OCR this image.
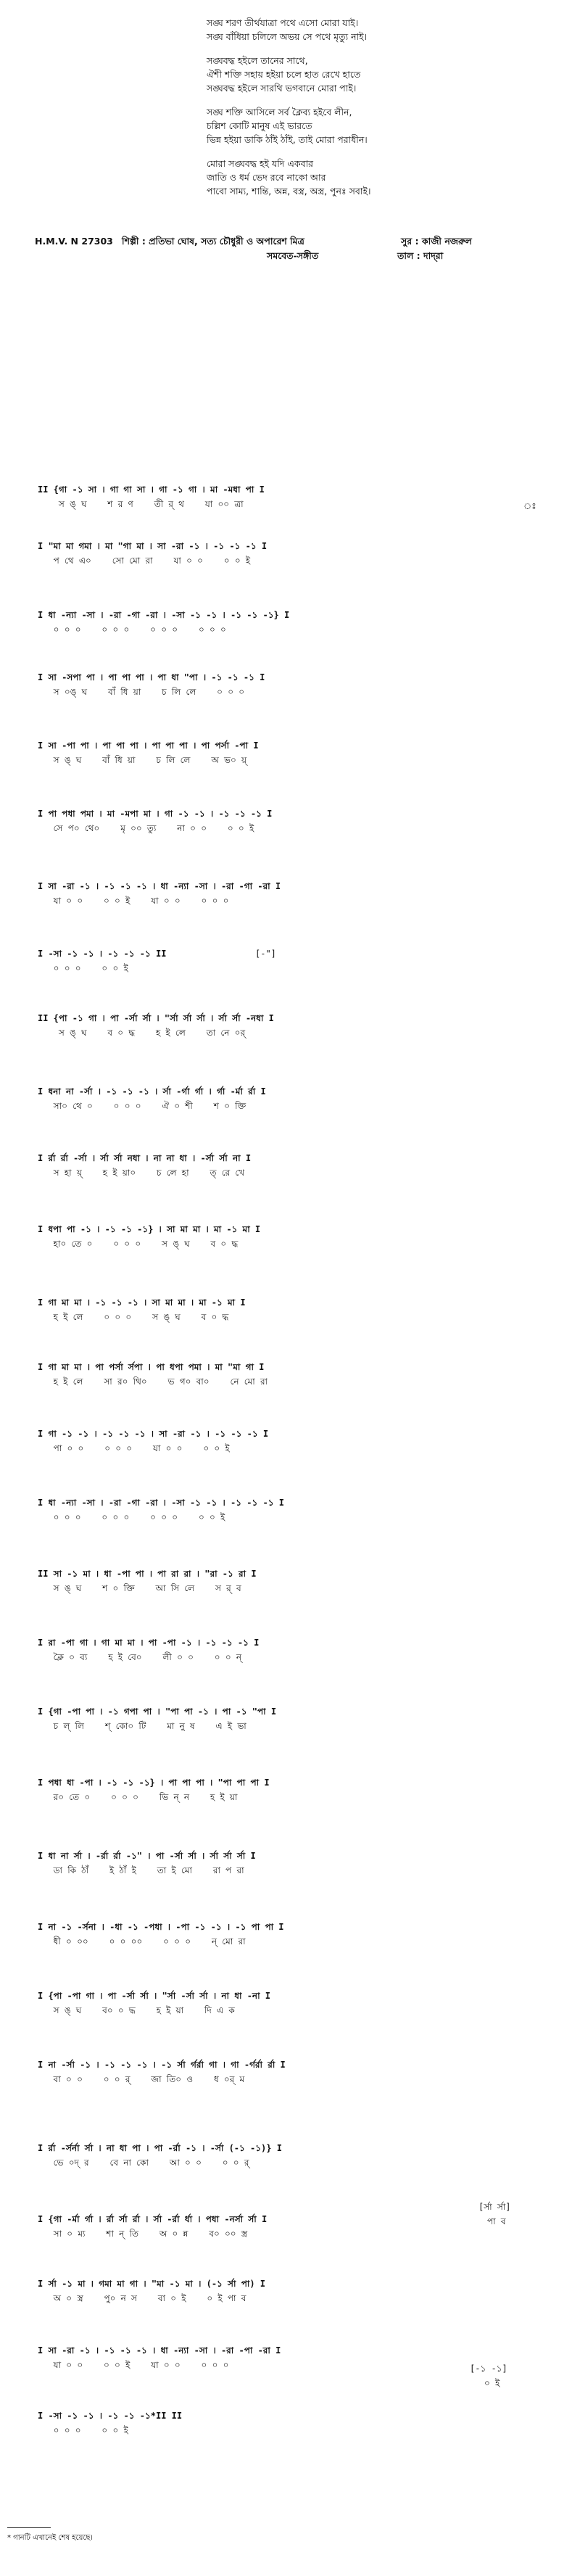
সঙ্ঘ শরণ তীর্থযাত্রা পথে এসো মোরা যাই।
সঙ্ঘ বাঁধিয়া চলিলে অভয় সে পথে মৃত্যু নাই।
সঙ্ঘবদ্ধ হইলে তানের সাথে,
ঐশী শক্তি সহায় হইয়া চলে হাত রেখে হাতে
সঙ্ঘবদ্ধ হইলে সারথি ভগবানে মোরা পাই।
সঙ্ঘ শক্তি আসিলে সর্ব ক্লৈব্য হইবে লীন,
চল্লিশ কোটি মানুষ এই ভারতে
ভিন্ন হইয়া ডাকি ঠাঁই ঠাঁই, তাই মোরা পরাধীন।
মোরা সঙ্ঘবদ্ধ হই যদি একবার
জাতি ও ধর্ম ভেদ রবে নাকো আর
পাবো সাম্য, শান্তি, অন্ন, বস্ত্র, অস্ত্র, পুনঃ সবাই।
H.M.V. N 27303 শিল্পী : প্রতিভা ঘোষ, সত্য চৌধুরী ও অপারেশ মিত্র	সুর : কাজী নজরুল
সমবেত-সঙ্গীত	তাল : দাদ্‌রা
II {গা -১ সা । গা গা সা । গা -১ গা । মা -মধা পা I
স ঙ্ ঘ    শ র ণ    তী র্ থ    যা ০০ ত্রা
I "মা মা গমা । মা "গা মা । সা -রা -১ । -১ -১ -১ I
প থে এ০    সো মো রা    যা ০ ০    ০ ০ ই
I ধা -ন্যা -সা । -রা -গা -রা । -সা -১ -১ । -১ -১ -১} I
০ ০ ০    ০ ০ ০    ০ ০ ০    ০ ০ ০
I সা -সপা পা । পা পা পা । পা ধা "পা । -১ -১ -১ I
স ০ঙ্ ঘ    বাঁ ধি য়া    চ লি লে    ০ ০ ০
I সা -পা পা । পা পা পা । পা পা পা । পা পর্সা -পা I
স ঙ্ ঘ    বাঁ ধি য়া    চ লি লে    অ ভ০ য়্
I পা পধা পমা । মা -মপা মা । গা -১ -১ । -১ -১ -১ I
সে প০ থে০    মৃ ০০ ত্যু    না ০ ০    ০ ০ ই
I সা -রা -১ । -১ -১ -১ । ধা -ন্যা -সা । -রা -গা -রা I
যা ০ ০    ০ ০ ই    যা ০ ০    ০ ০ ০
I -সা -১ -১ । -১ -১ -১ II
০ ০ ০    ০ ০ ই
II {পা -১ গা । পা -র্সা র্সা । "র্সা র্সা র্সা । র্সা র্সা -নধা I
স ঙ্ ঘ    ব ০ দ্ধ    হ ই লে    তা নে ০র্
I ধনা না -র্সা । -১ -১ -১ । র্সা -র্গা র্গা । র্গা -র্মা র্রা I
সা০ থে ০    ০ ০ ০    ঐ ০ শী    শ ০ ক্তি
I র্রা র্রা -র্সা । র্সা র্সা নধা । না না ধা । -র্সা র্সা না I
স হা য়্    হ ই য়া০    চ লে হা    ত্ রে খে
I ধপা পা -১ । -১ -১ -১} । সা মা মা । মা -১ মা I
হা০ তে ০    ০ ০ ০    স ঙ্ ঘ    ব ০ দ্ধ
I গা মা মা । -১ -১ -১ । সা মা মা । মা -১ মা I
হ ই লে    ০ ০ ০    স ঙ্ ঘ    ব ০ দ্ধ
I গা মা মা । পা পর্সা র্সপা । পা ধপা পমা । মা "মা গা I
হ ই লে    সা র০ থি০    ভ গ০ বা০    নে মো রা
I গা -১ -১ । -১ -১ -১ । সা -রা -১ । -১ -১ -১ I
পা ০ ০    ০ ০ ০    যা ০ ০    ০ ০ ই
I ধা -ন্যা -সা । -রা -গা -রা । -সা -১ -১ । -১ -১ -১ I
০ ০ ০    ০ ০ ০    ০ ০ ০    ০ ০ ই
II সা -১ মা । ধা -পা পা । পা রা রা । "রা -১ রা I
স ঙ্ ঘ    শ ০ ক্তি    আ সি লে    স র্ ব
I রা -পা গা । গা মা মা । পা -পা -১ । -১ -১ -১ I
ক্লৈ ০ ব্য    হ ই বে০    লী ০ ০    ০ ০ ন্
I {গা -পা পা । -১ গপা পা । "পা পা -১ । পা -১ "পা I
চ ল্ লি    শ্ কো০ টি    মা নু ষ    এ ই ভা
I পধা ধা -পা । -১ -১ -১} । পা পা পা । "পা পা পা I
র০ তে ০    ০ ০ ০    ভি ন্ ন    হ ই য়া
I ধা না র্সা । -র্রা র্রা -১" । পা -র্সা র্সা । র্সা র্সা র্সা I
ডা কি ঠাঁ    ই ঠাঁ ই    তা ই মো    রা প রা
I না -১ -র্সনা । -ধা -১ -পধা । -পা -১ -১ । -১ পা পা I
ধী ০ ০০    ০ ০ ০০    ০ ০ ০    ন্ মো রা
I {পা -পা গা । পা -র্সা র্সা । "র্সা -র্সা র্সা । না ধা -না I
স ঙ্ ঘ    ব০ ০ দ্ধ    হ ই য়া    দি এ ক
I না -র্সা -১ । -১ -১ -১ । -১ র্সা র্গর্রা গা । গা -র্গর্রা র্রা I
বা ০ ০    ০ ০ র্    জা তি০ ও    ধ ০র্ ম
I র্রা -র্সর্না র্সা । না ধা পা । পা -র্রা -১ । -র্সা (-১ -১)} I
ভে ০দ্ র    বে না কো    আ ০ ০    ০ ০ র্
I {গা -র্মা র্গা । র্রা র্সা র্রা । র্সা -র্রা র্ধা । পধা -নর্সা র্সা I
সা ০ ম্য    শা ন্ তি    অ ০ ন্ন    ব০ ০০ স্ত্র
I র্সা -১ মা । গমা মা গা । "মা -১ মা । (-১ র্সা পা) I
অ ০ স্ত্র    পু০ ন স    বা ০ ই    ০ ই পা ব
I সা -রা -১ । -১ -১ -১ । ধা -ন্যা -সা । -রা -পা -রা I
যা ০ ০    ০ ০ ই    যা ০ ০    ০ ০ ০
I -সা -১ -১ । -১ -১ -১*II II
০ ০ ০    ০ ০ ই
ঃ
[-"]
[র্সা র্সা]
পা ব
[-১ -১]
০ ই
* গানটি এখানেই শেষ হয়েছে।
